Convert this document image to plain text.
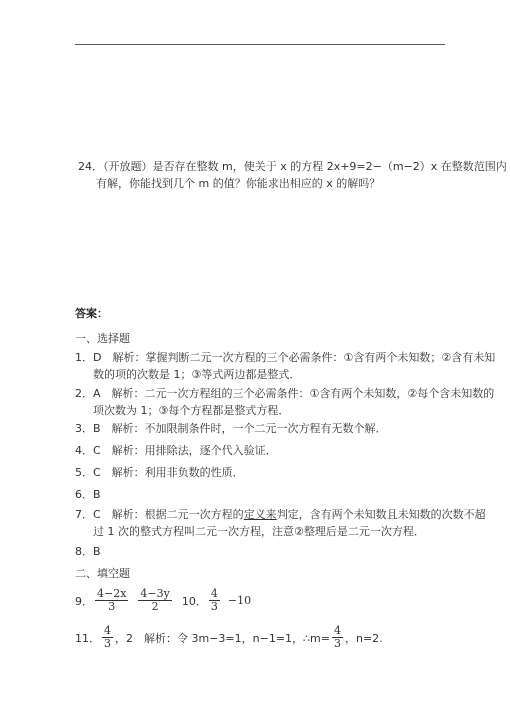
24．（开放题）是否存在整数 m，使关于 x 的方程 2x+9=2−（m−2）x 在整数范围内
有解，你能找到几个 m 的值？你能求出相应的 x 的解吗？
答案：
一、选择题
1．D　解析：掌握判断二元一次方程的三个必需条件：①含有两个未知数；②含有未知
数的项的次数是 1；③等式两边都是整式．
2．A　解析：二元一次方程组的三个必需条件：①含有两个未知数，②每个含未知数的
项次数为 1；③每个方程都是整式方程．
3．B　解析：不加限制条件时，一个二元一次方程有无数个解．
4．C　解析：用排除法，逐个代入验证．
5．C　解析：利用非负数的性质．
6．B
7．C　解析：根据二元一次方程的定义来判定，含有两个未知数且未知数的次数不超
过 1 次的整式方程叫二元一次方程，注意②整理后是二元一次方程．
8．B
二、填空题
9． $\frac{4-2x}{3} \frac{4-3y}{2} 10$． $\frac{4}{3} -10$
11． $\frac{4}{3}$ ，2　解析：令 3m−3=1，n−1=1，∴m= $\frac{4}{3}$ ，n=2.
